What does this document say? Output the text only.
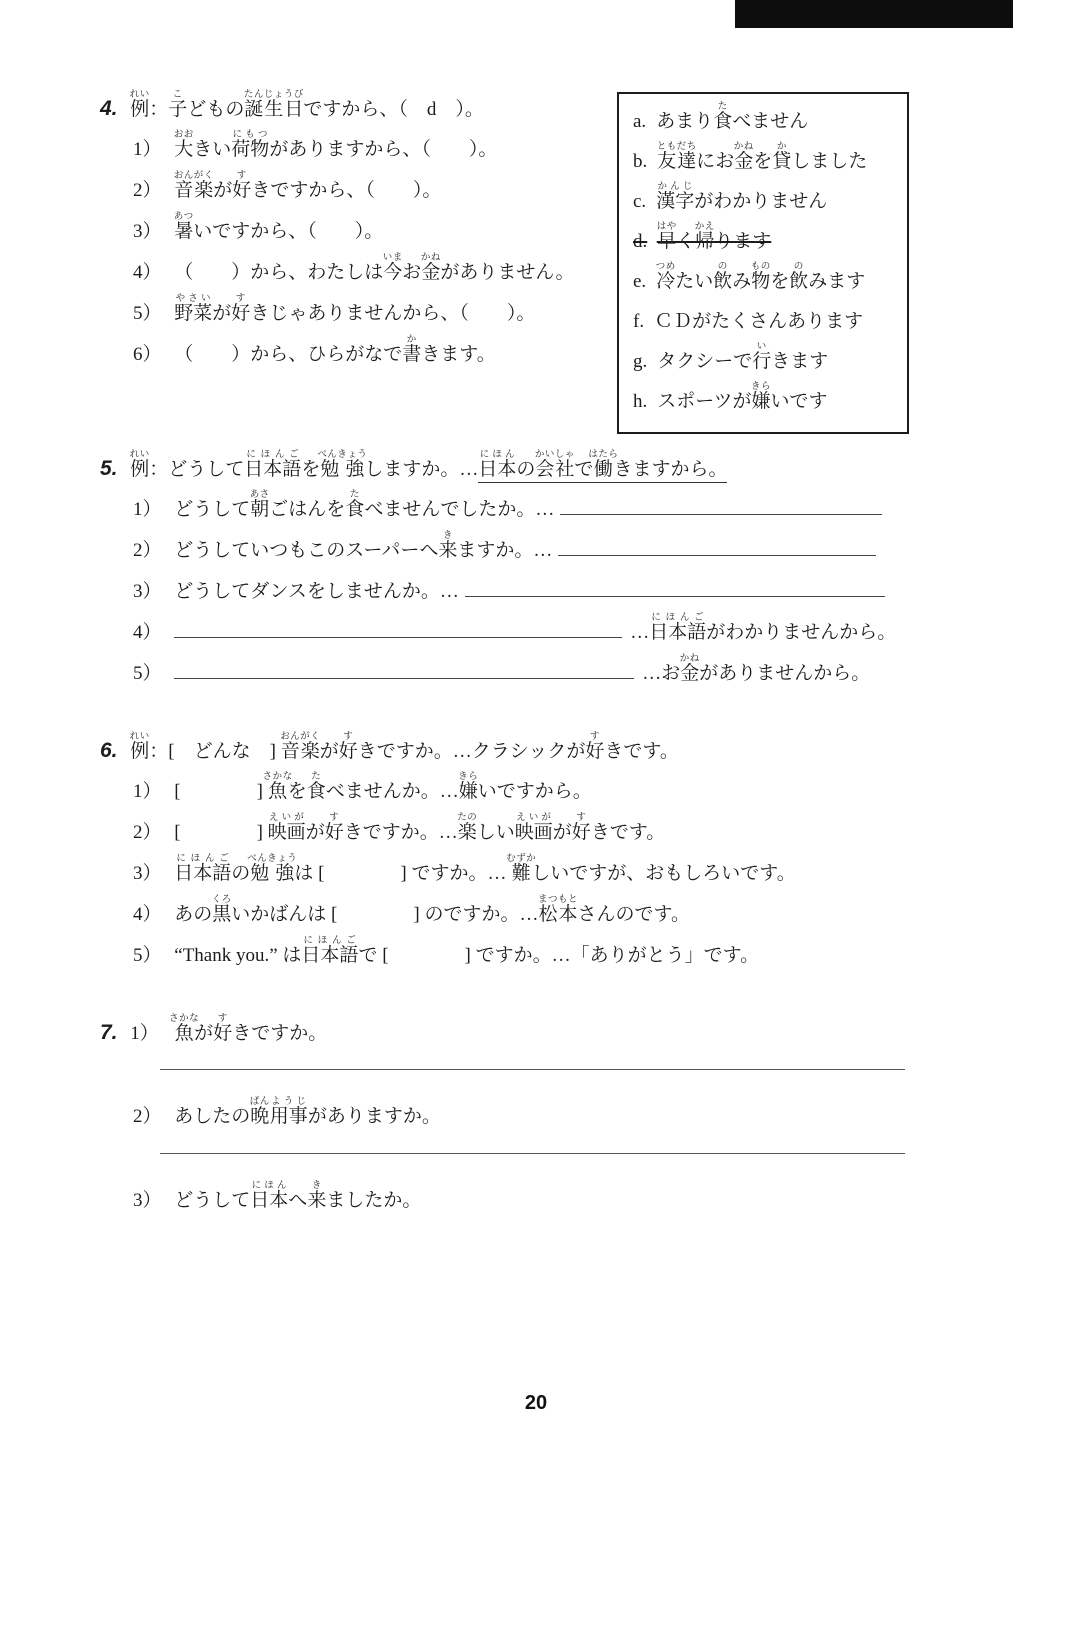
4. 例れい：子こどもの誕生日たんじょうびですから、（　d　）。
1） 大おおきい荷物にもつがありますから、（　　）。
2） 音楽おんがくが好すきですから、（　　）。
3） 暑あついですから、（　　）。
4） （　　）から、わたしは今いまお金かねがありません。
5） 野菜やさいが好すきじゃありませんから、（　　）。
6） （　　）から、ひらがなで書かきます。
a. あまり食たべません
b. 友達ともだちにお金かねを貸かしました
c. 漢字かんじがわかりません
d. 早はやく帰かえります
e. 冷つめたい飲のみ物ものを飲のみます
f. ＣＤがたくさんあります
g. タクシーで行いきます
h. スポーツが嫌きらいです
5. 例れい：どうして日本語にほんごを勉強べんきょうしますか。…日本にほんの会社かいしゃで働はたらきますから。
1） どうして朝あさごはんを食たべませんでしたか。…
2） どうしていつもこのスーパーへ来きますか。…
3） どうしてダンスをしませんか。…
4）	…日本語にほんごがわかりませんから。
5）	…お金かねがありませんから。
6. 例れい：[　どんな　] 音楽おんがくが好すきですか。…クラシックが好すきです。
1） [　　　　] 魚さかなを食たべませんか。…嫌きらいですから。
2） [　　　　] 映画えいがが好すきですか。…楽たのしい映画えいがが好すきです。
3） 日本語にほんごの勉強べんきょうは [　　　　] ですか。… 難むずかしいですが、おもしろいです。
4） あの黒くろいかばんは [　　　　] のですか。…松本まつもとさんのです。
5） “Thank you.” は日本語にほんごで [　　　　] ですか。…「ありがとう」です。
7. 1） 魚さかなが好すきですか。
2） あしたの晩ばん用事ようじがありますか。
3） どうして日本にほんへ来きましたか。
20
